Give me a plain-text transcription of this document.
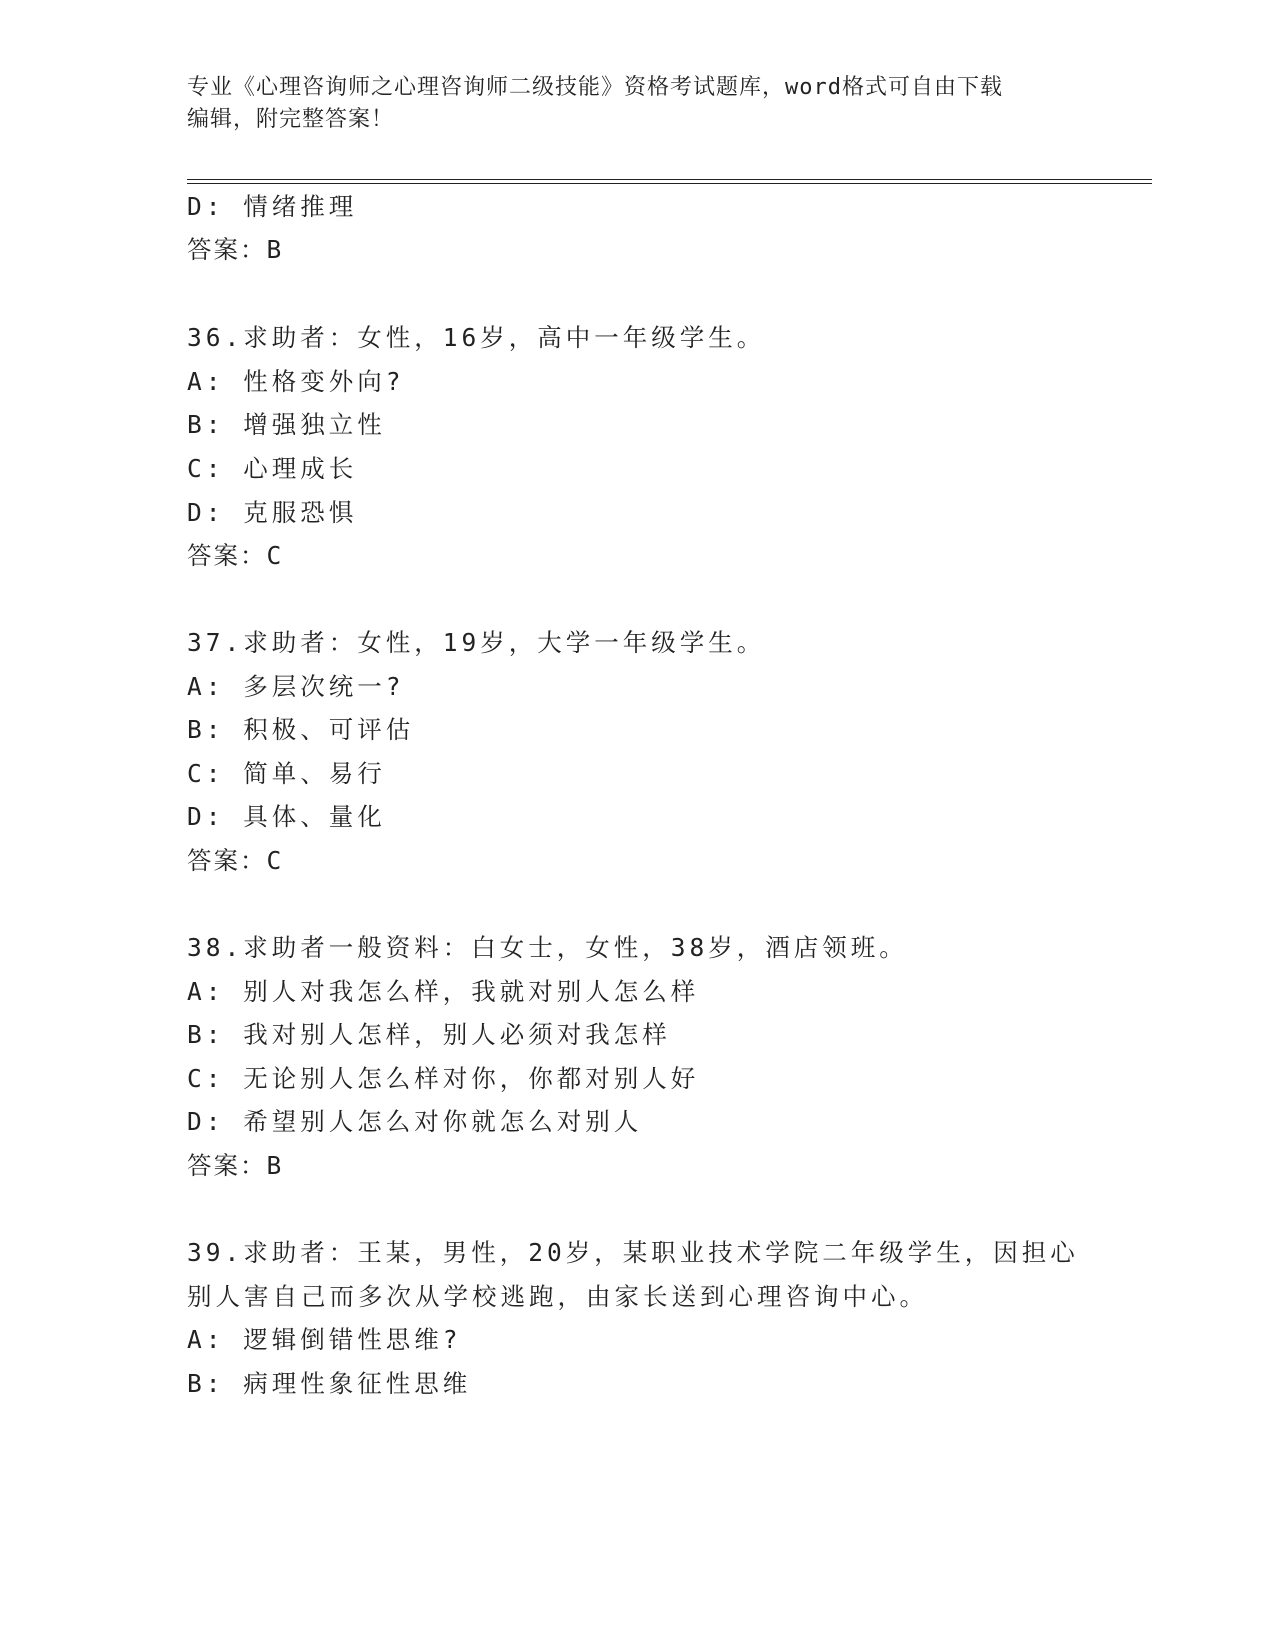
专业《心理咨询师之心理咨询师二级技能》资格考试题库，word格式可自由下载
编辑，附完整答案！
D: 情绪推理
答案：B
36.求助者：女性，16岁，高中一年级学生。
A: 性格变外向?
B: 增强独立性
C: 心理成长
D: 克服恐惧
答案：C
37.求助者：女性，19岁，大学一年级学生。
A: 多层次统一?
B: 积极、可评估
C: 简单、易行
D: 具体、量化
答案：C
38.求助者一般资料：白女士，女性，38岁，酒店领班。
A: 别人对我怎么样，我就对别人怎么样
B: 我对别人怎样，别人必须对我怎样
C: 无论别人怎么样对你，你都对别人好
D: 希望别人怎么对你就怎么对别人
答案：B
39.求助者：王某，男性，20岁，某职业技术学院二年级学生，因担心
别人害自己而多次从学校逃跑，由家长送到心理咨询中心。
A: 逻辑倒错性思维?
B: 病理性象征性思维
